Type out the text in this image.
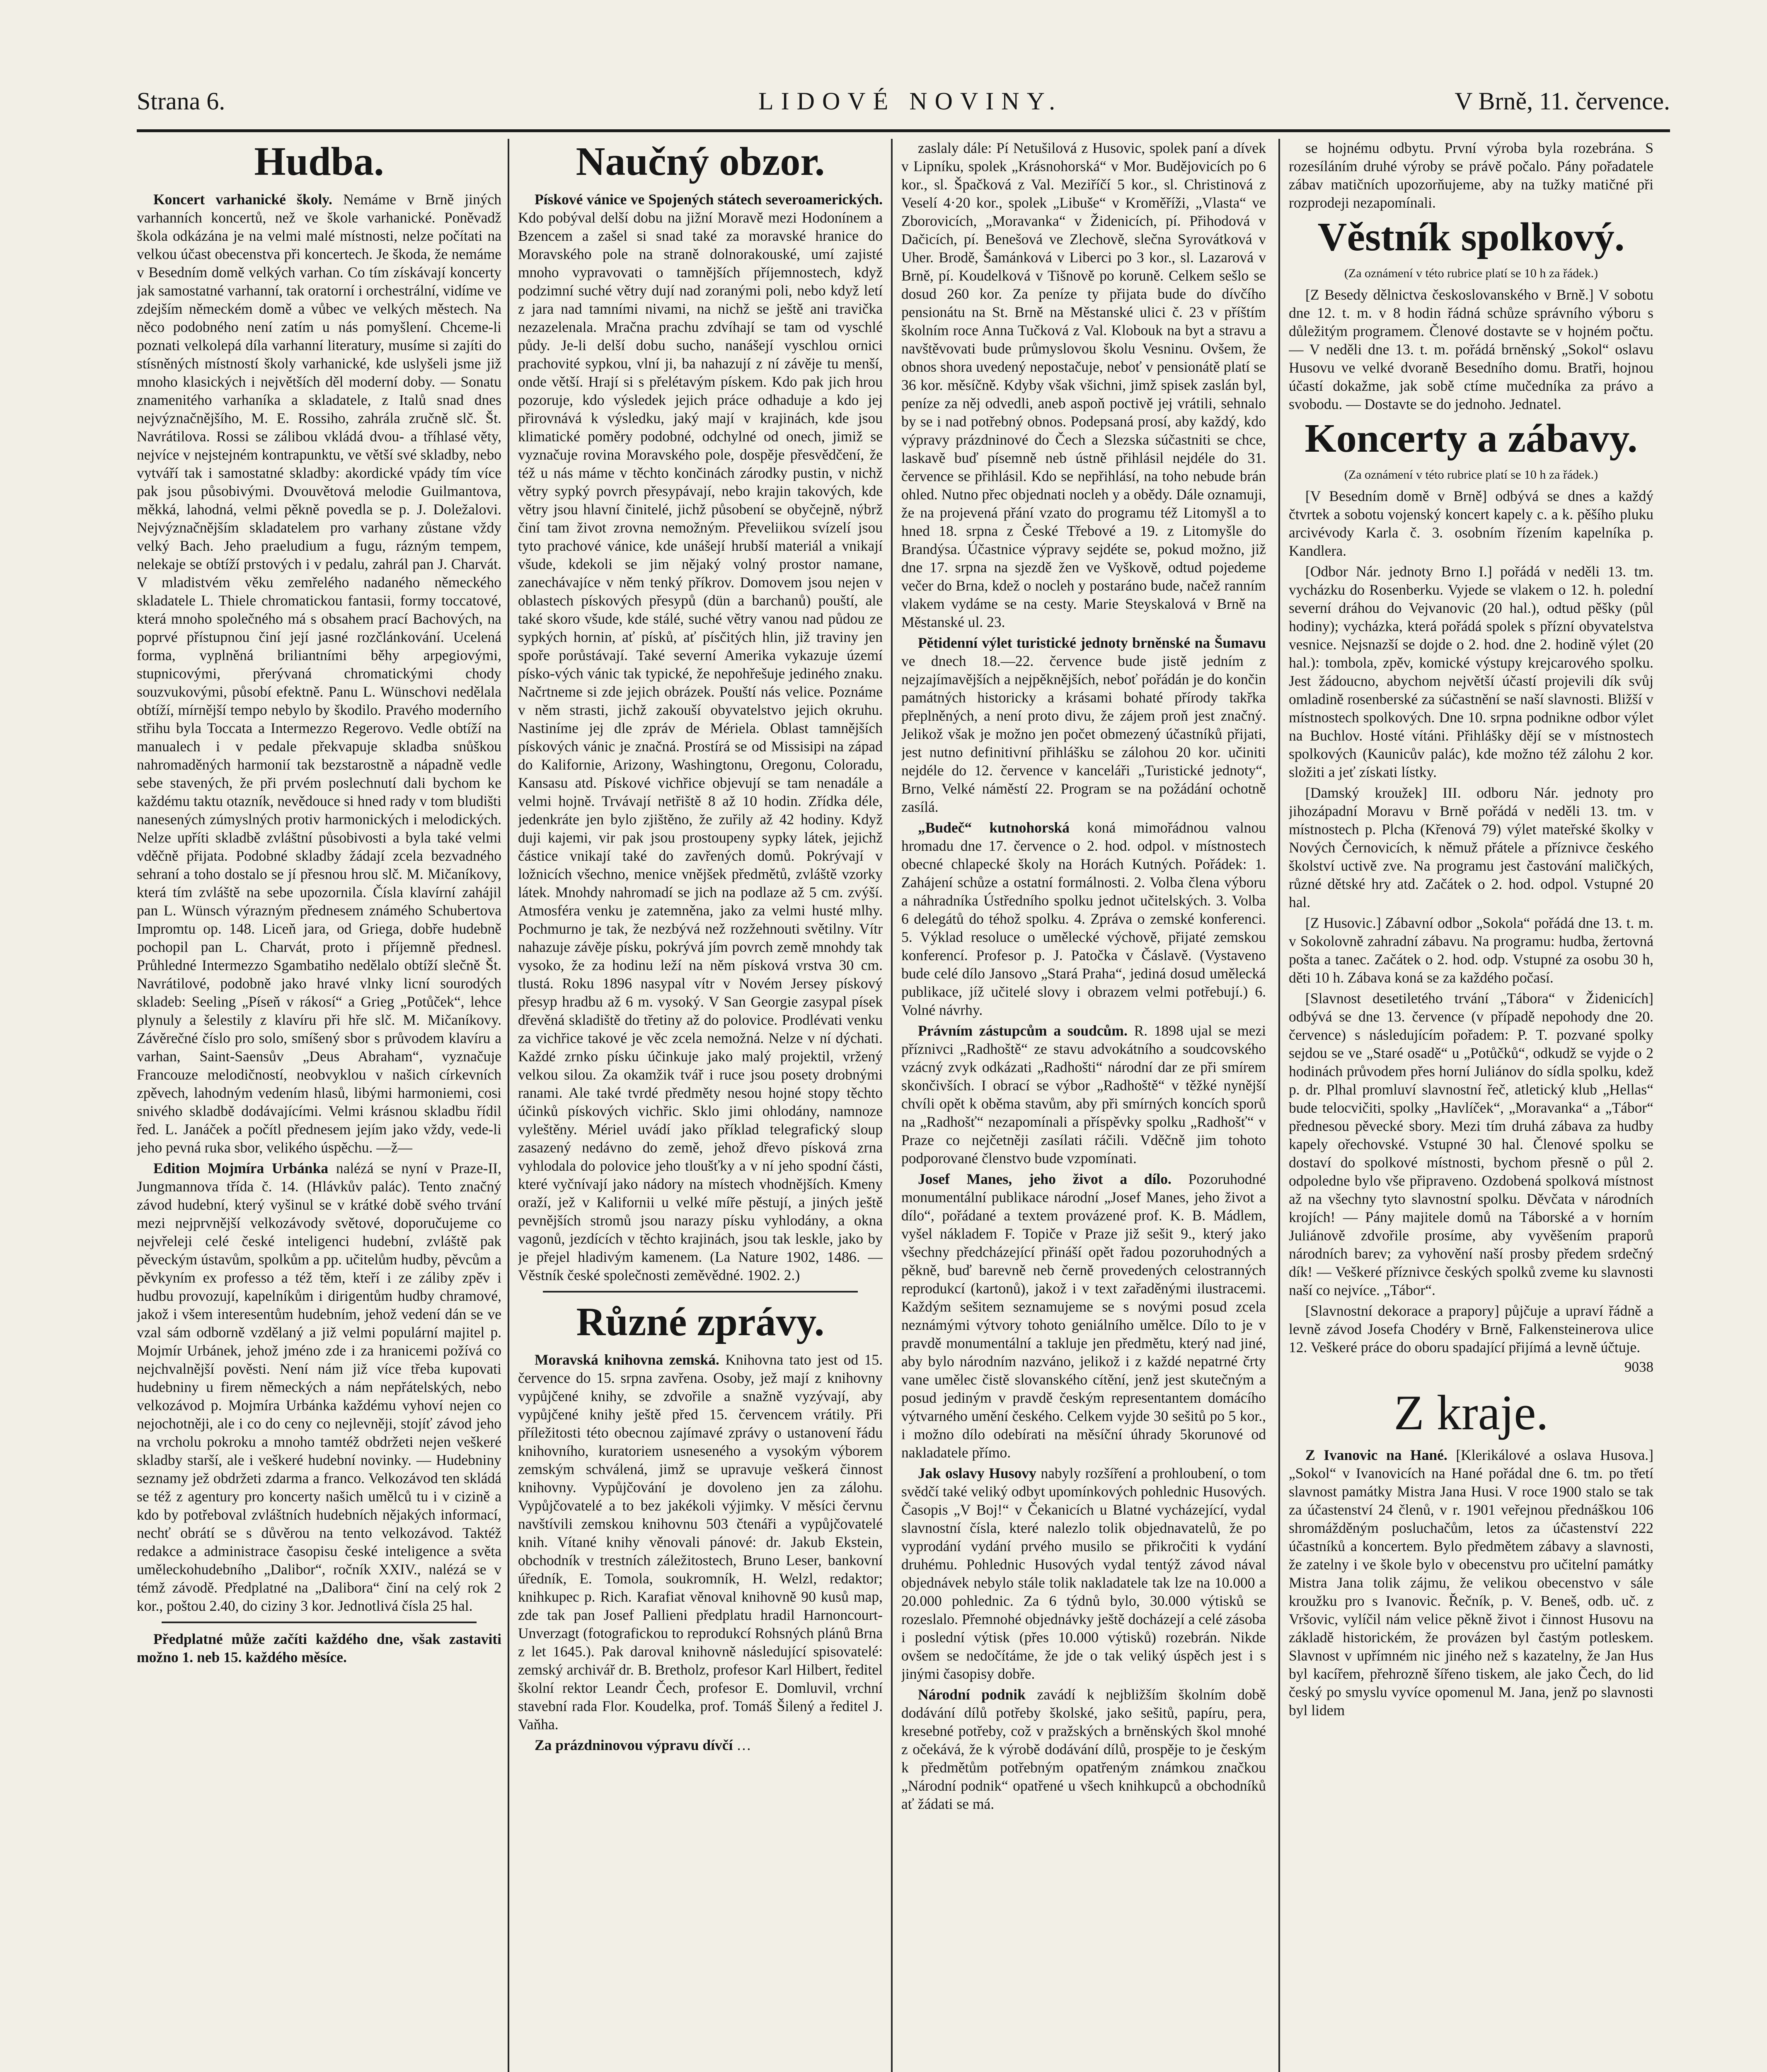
Strana 6.	LIDOVÉ NOVINY.	V Brně, 11. července.
Hudba.

Koncert varhanické školy. Nemáme v Brně jiných varhanních koncertů, než ve škole varhanické. Poněvadž škola odkázána je na velmi malé místnosti, nelze počítati na velkou účast obecenstva při koncertech. Je škoda, že nemáme v Besedním domě velkých varhan. Co tím získávají koncerty jak samostatné varhanní, tak oratorní i orchestrální, vidíme ve zdejším německém domě a vůbec ve velkých městech. Na něco podobného není zatím u nás pomyšlení. Chceme-li poznati velkolepá díla varhanní literatury, musíme si zajíti do stísněných místností školy varhanické, kde uslyšeli jsme již mnoho klasických i největších děl moderní doby. — Sonatu znamenitého varhaníka a skladatele, z Italů snad dnes nejvýznačnějšího, M. E. Rossiho, zahrála zručně slč. Št. Navrátilova. Rossi se zálibou vkládá dvou- a tříhlasé věty, nejvíce v nejstejném kontrapunktu, ve větší své skladby, nebo vytváří tak i samostatné skladby: akordické vpády tím více pak jsou působivými. Dvouvětová melodie Guilmantova, měkká, lahodná, velmi pěkně povedla se p. J. Doležalovi. Nejvýznačnějším skladatelem pro varhany zůstane vždy velký Bach. Jeho praeludium a fugu, rázným tempem, nelekaje se obtíží prstových i v pedalu, zahrál pan J. Charvát. V mladistvém věku zemřelého nadaného německého skladatele L. Thiele chromatickou fantasii, formy toccatové, která mnoho společného má s obsahem prací Bachových, na poprvé přístupnou činí její jasné rozčlánkování. Ucelená forma, vyplněná briliantními běhy arpegiovými, stupnicovými, přerývaná chromatickými chody souzvukovými, působí efektně. Panu L. Wünschovi nedělala obtíží, mírnější tempo nebylo by škodilo. Pravého moderního střihu byla Toccata a Intermezzo Regerovo. Vedle obtíží na manualech i v pedale překvapuje skladba snůškou nahromaděných harmonií tak bezstarostně a nápadně vedle sebe stavených, že při prvém poslechnutí dali bychom ke každému taktu otazník, nevědouce si hned rady v tom bludišti nanesených zúmyslných protiv harmonických i melodických. Nelze upříti skladbě zvláštní působivosti a byla také velmi vděčně přijata. Podobné skladby žádají zcela bezvadného sehraní a toho dostalo se jí přesnou hrou slč. M. Mičaníkovy, která tím zvláště na sebe upozornila. Čísla klavírní zahájil pan L. Wünsch výrazným přednesem známého Schubertova Impromtu op. 148. Liceň jara, od Griega, dobře hudebně pochopil pan L. Charvát, proto i příjemně přednesl. Průhledné Intermezzo Sgambatiho nedělalo obtíží slečně Št. Navrátilové, podobně jako hravé vlnky licní sourodých skladeb: Seeling „Píseň v rákosí“ a Grieg „Potůček“, lehce plynuly a šelestily z klavíru při hře slč. M. Mičaníkovy. Závěrečné číslo pro solo, smíšený sbor s průvodem klavíru a varhan, Saint-Saensův „Deus Abraham“, vyznačuje Francouze melodičností, neobvyklou v našich církevních zpěvech, lahodným vedením hlasů, libými harmoniemi, cosi snivého skladbě dodávajícími. Velmi krásnou skladbu řídil řed. L. Janáček a počítl přednesem jejím jako vždy, vede-li jeho pevná ruka sbor, velikého úspěchu. —ž—

Edition Mojmíra Urbánka nalézá se nyní v Praze-II, Jungmannova třída č. 14. (Hlávkův palác). Tento značný závod hudební, který vyšinul se v krátké době svého trvání mezi nejprvnější velkozávody světové, doporučujeme co nejvřeleji celé české inteligenci hudební, zvláště pak pěveckým ústavům, spolkům a pp. učitelům hudby, pěvcům a pěvkyním ex professo a též těm, kteří i ze záliby zpěv i hudbu provozují, kapelníkům i dirigentům hudby chramové, jakož i všem interesentům hudebním, jehož vedení dán se ve vzal sám odborně vzdělaný a již velmi populární majitel p. Mojmír Urbánek, jehož jméno zde i za hranicemi požívá co nejchvalnější pověsti. Není nám již více třeba kupovati hudebniny u firem německých a nám nepřátelských, nebo velkozávod p. Mojmíra Urbánka každému vyhoví nejen co nejochotněji, ale i co do ceny co nejlevněji, stojíť závod jeho na vrcholu pokroku a mnoho tamtéž obdržeti nejen veškeré skladby starší, ale i veškeré hudební novinky. — Hudebniny seznamy jež obdržeti zdarma a franco. Velkozávod ten skládá se též z agentury pro koncerty našich umělců tu i v cizině a kdo by potřeboval zvláštních hudebních nějakých informací, nechť obrátí se s důvěrou na tento velkozávod. Taktéž redakce a administrace časopisu české inteligence a světa uměleckohudebního „Dalibor“, ročník XXIV., nalézá se v témž závodě. Předplatné na „Dalibora“ činí na celý rok 2 kor., poštou 2.40, do ciziny 3 kor. Jednotlivá čísla 25 hal.

Předplatné může začíti každého dne, však zastaviti možno 1. neb 15. každého měsíce.

Naučný obzor.

Pískové vánice ve Spojených státech severoamerických. Kdo pobýval delší dobu na jižní Moravě mezi Hodonínem a Bzencem a zašel si snad také za moravské hranice do Moravského pole na straně dolnorakouské, umí zajisté mnoho vypravovati o tamnějších příjemnostech, když podzimní suché větry dují nad zoranými poli, nebo když letí z jara nad tamními nivami, na nichž se ještě ani travička nezazelenala. Mračna prachu zdvíhají se tam od vyschlé půdy. Je-li delší dobu sucho, nanášejí vyschlou ornici prachovité sypkou, vlní ji, ba nahazují z ní závěje tu menší, onde větší. Hrají si s přelétavým pískem. Kdo pak jich hrou pozoruje, kdo výsledek jejich práce odhaduje a kdo jej přirovnává k výsledku, jaký mají v krajinách, kde jsou klimatické poměry podobné, odchylné od onech, jimiž se vyznačuje rovina Moravského pole, dospěje přesvědčení, že též u nás máme v těchto končinách zárodky pustin, v nichž větry sypký povrch přesypávají, nebo krajin takových, kde větry jsou hlavní činitelé, jichž působení se obyčejně, nýbrž činí tam život zrovna nemožným. Převeliikou svízelí jsou tyto prachové vánice, kde unášejí hrubší materiál a vnikají všude, kdekoli se jim nějaký volný prostor namane, zanechávajíce v něm tenký příkrov. Domovem jsou nejen v oblastech pískových přesypů (dün a barchanů) pouští, ale také skoro všude, kde stálé, suché větry vanou nad půdou ze sypkých hornin, ať písků, ať písčitých hlin, již traviny jen spoře porůstávají. Také severní Amerika vykazuje území písko-vých vánic tak typické, že nepohřešuje jediného znaku. Načrtneme si zde jejich obrázek. Pouští nás velice. Poznáme v něm strasti, jichž zakouší obyvatelstvo jejich okruhu. Nastiníme jej dle zpráv de Mériela. Oblast tamnějších pískových vánic je značná. Prostírá se od Missisipi na západ do Kalifornie, Arizony, Washingtonu, Oregonu, Coloradu, Kansasu atd. Pískové vichřice objevují se tam nenadále a velmi hojně. Trvávají netřiště 8 až 10 hodin. Zřídka déle, jedenkráte jen bylo zjištěno, že zuřily až 42 hodiny. Když duji kajemi, vir pak jsou prostoupeny sypky látek, jejichž částice vnikají také do zavřených domů. Pokrývají v ložnicích všechno, menice vnějšek předmětů, zvláště vzorky látek. Mnohdy nahromadí se jich na podlaze až 5 cm. zvýší. Atmosféra venku je zatemněna, jako za velmi husté mlhy. Pochmurno je tak, že nezbývá než rozžehnouti světilny. Vítr nahazuje závěje písku, pokrývá jím povrch země mnohdy tak vysoko, že za hodinu leží na něm písková vrstva 30 cm. tlustá. Roku 1896 nasypal vítr v Novém Jersey pískový přesyp hradbu až 6 m. vysoký. V San Georgie zasypal písek dřevěná skladiště do třetiny až do polovice. Prodlévati venku za vichřice takové je věc zcela nemožná. Nelze v ní dýchati. Každé zrnko písku účinkuje jako malý projektil, vržený velkou silou. Za okamžik tvář i ruce jsou posety drobnými ranami. Ale také tvrdé předměty nesou hojné stopy těchto účinků pískových vichřic. Sklo jimi ohlodány, namnoze vyleštěny. Mériel uvádí jako příklad telegrafický sloup zasazený nedávno do země, jehož dřevo písková zrna vyhlodala do polovice jeho tloušťky a v ní jeho spodní části, které vyčnívají jako nádory na místech vhodnějších. Kmeny oraží, jež v Kalifornii u velké míře pěstují, a jiných ještě pevnějších stromů jsou narazy písku vyhlodány, a okna vagonů, jezdících v těchto krajinách, jsou tak leskle, jako by je přejel hladivým kamenem. (La Nature 1902, 1486. — Věstník české společnosti zeměvědné. 1902. 2.)

Různé zprávy.

Moravská knihovna zemská. Knihovna tato jest od 15. července do 15. srpna zavřena. Osoby, jež mají z knihovny vypůjčené knihy, se zdvořile a snažně vyzývají, aby vypůjčené knihy ještě před 15. červencem vrátily. Při příležitosti této obecnou zajímavé zprávy o ustanovení řádu knihovního, kuratoriem usneseného a vysokým výborem zemským schválená, jimž se upravuje veškerá činnost knihovny. Vypůjčování je dovoleno jen za zálohu. Vypůjčovatelé a to bez jakékoli výjimky. V měsíci červnu navštívili zemskou knihovnu 503 čtenáři a vypůjčovatelé knih. Vítané knihy věnovali pánové: dr. Jakub Ekstein, obchodník v trestních záležitostech, Bruno Leser, bankovní úředník, E. Tomola, soukromník, H. Welzl, redaktor; knihkupec p. Rich. Karafiat věnoval knihovně 90 kusů map, zde tak pan Josef Pallieni předplatu hradil Harnoncourt-Unverzagt (fotografickou to reprodukcí Rohsných plánů Brna z let 1645.). Pak daroval knihovně následující spisovatelé: zemský archivář dr. B. Bretholz, profesor Karl Hilbert, ředitel školní rektor Leandr Čech, profesor E. Domluvil, vrchní stavební rada Flor. Koudelka, prof. Tomáš Šilený a ředitel J. Vaňha.

Za prázdninovou výpravu dívčí …

zaslaly dále: Pí Netušilová z Husovic, spolek paní a dívek v Lipníku, spolek „Krásnohorská“ v Mor. Budějovicích po 6 kor., sl. Špačková z Val. Meziříčí 5 kor., sl. Christinová z Veselí 4·20 kor., spolek „Libuše“ v Kroměříži, „Vlasta“ ve Zborovicích, „Moravanka“ v Židenicích, pí. Přihodová v Dačicích, pí. Benešová ve Zlechově, slečna Syrovátková v Uher. Brodě, Šamánková v Liberci po 3 kor., sl. Lazarová v Brně, pí. Koudelková v Tišnově po koruně. Celkem sešlo se dosud 260 kor. Za peníze ty přijata bude do dívčího pensionátu na St. Brně na Městanské ulici č. 23 v příštím školním roce Anna Tučková z Val. Klobouk na byt a stravu a navštěvovati bude průmyslovou školu Vesninu. Ovšem, že obnos shora uvedený nepostačuje, neboť v pensionátě platí se 36 kor. měsíčně. Kdyby však všichni, jimž spisek zaslán byl, peníze za něj odvedli, aneb aspoň poctivě jej vrátili, sehnalo by se i nad potřebný obnos. Podepsaná prosí, aby každý, kdo výpravy prázdninové do Čech a Slezska súčastniti se chce, laskavě buď písemně neb ústně přihlásil nejdéle do 31. července se přihlásil. Kdo se nepřihlásí, na toho nebude brán ohled. Nutno přec objednati nocleh y a obědy. Dále oznamuji, že na projevená přání vzato do programu též Litomyšl a to hned 18. srpna z České Třebové a 19. z Litomyšle do Brandýsa. Účastnice výpravy sejdéte se, pokud možno, již dne 17. srpna na sjezdě žen ve Vyškově, odtud pojedeme večer do Brna, kdež o nocleh y postaráno bude, načež ranním vlakem vydáme se na cesty. Marie Steyskalová v Brně na Městanské ul. 23.

Pětidenní výlet turistické jednoty brněnské na Šumavu ve dnech 18.—22. července bude jistě jedním z nejzajímavějších a nejpěknějších, neboť pořádán je do končin památných historicky a krásami bohaté přírody takřka přeplněných, a není proto divu, že zájem proň jest značný. Jelikož však je možno jen počet obmezený účastníků přijati, jest nutno definitivní přihlášku se zálohou 20 kor. učiniti nejdéle do 12. července v kanceláři „Turistické jednoty“, Brno, Velké náměstí 22. Program se na požádání ochotně zasílá.

„Budeč“ kutnohorská koná mimořádnou valnou hromadu dne 17. července o 2. hod. odpol. v místnostech obecné chlapecké školy na Horách Kutných. Pořádek: 1. Zahájení schůze a ostatní formálnosti. 2. Volba člena výboru a náhradníka Ústředního spolku jednot učitelských. 3. Volba 6 delegátů do téhož spolku. 4. Zpráva o zemské konferenci. 5. Výklad resoluce o umělecké výchově, přijaté zemskou konferencí. Profesor p. J. Patočka v Čáslavě. (Vystaveno bude celé dílo Jansovo „Stará Praha“, jediná dosud umělecká publikace, jíž učitelé slovy i obrazem velmi potřebují.) 6. Volné návrhy.

Právním zástupcům a soudcům. R. 1898 ujal se mezi příznivci „Radhoště“ ze stavu advokátního a soudcovského vzácný zvyk odkázati „Radhošti“ národní dar ze při smírem skončivších. I obrací se výbor „Radhoště“ v těžké nynější chvíli opět k oběma stavům, aby při smírných koncích sporů na „Radhošť“ nezapomínali a příspěvky spolku „Radhošť“ v Praze co nejčetněji zasílati ráčili. Vděčně jim tohoto podporované členstvo bude vzpomínati.

Josef Manes, jeho život a dílo. Pozoruhodné monumentální publikace národní „Josef Manes, jeho život a dílo“, pořádané a textem provázené prof. K. B. Mádlem, vyšel nákladem F. Topiče v Praze již sešit 9., který jako všechny předcházející přináší opět řadou pozoruhodných a pěkně, buď barevně neb černě provedených celostranných reprodukcí (kartonů), jakož i v text zařaděnými ilustracemi. Každým sešitem seznamujeme se s novými posud zcela neznámými výtvory tohoto geniálního umělce. Dílo to je v pravdě monumentální a takluje jen předmětu, který nad jiné, aby bylo národním nazváno, jelikož i z každé nepatrné črty vane umělec čistě slovanského cítění, jenž jest skutečným a posud jediným v pravdě českým representantem domácího výtvarného umění českého. Celkem vyjde 30 sešitů po 5 kor., i možno dílo odebírati na měsíční úhrady 5korunové od nakladatele přímo.

Jak oslavy Husovy nabyly rozšíření a prohloubení, o tom svědčí také veliký odbyt upomínkových pohlednic Husových. Časopis „V Boj!“ v Čekanicích u Blatné vycházející, vydal slavnostní čísla, které nalezlo tolik objednavatelů, že po vyprodání vydání prvého musilo se přikročiti k vydání druhému. Pohlednic Husových vydal tentýž závod nával objednávek nebylo stále tolik nakladatele tak lze na 10.000 a 20.000 pohlednic. Za 6 týdnů bylo, 30.000 výtisků se rozeslalo. Přemnohé objednávky ještě docházejí a celé zásoba i poslední výtisk (přes 10.000 výtisků) rozebrán. Nikde ovšem se nedočítáme, že jde o tak veliký úspěch jest i s jinými časopisy dobře.

Národní podnik zavádí k nejbližším školním době dodávání dílů potřeby školské, jako sešitů, papíru, pera, kresebné potřeby, což v pražských a brněnských škol mnohé z očekává, že k výrobě dodávání dílů, prospěje to je českým k předmětům potřebným opatřeným známkou značkou „Národní podnik“ opatřené u všech knihkupců a obchodníků ať žádati se má.

se hojnému odbytu. První výroba byla rozebrána. S rozesíláním druhé výroby se právě počalo. Pány pořadatele zábav matičních upozorňujeme, aby na tužky matičné při rozprodeji nezapomínali.

Věstník spolkový.
(Za oznámení v této rubrice platí se 10 h za řádek.)

[Z Besedy dělnictva českoslovanského v Brně.] V sobotu dne 12. t. m. v 8 hodin řádná schůze správního výboru s důležitým programem. Členové dostavte se v hojném počtu. — V neděli dne 13. t. m. pořádá brněnský „Sokol“ oslavu Husovu ve velké dvoraně Besedního domu. Bratři, hojnou účastí dokažme, jak sobě ctíme mučedníka za právo a svobodu. — Dostavte se do jednoho. Jednatel.

Koncerty a zábavy.
(Za oznámení v této rubrice platí se 10 h za řádek.)

[V Besedním domě v Brně] odbývá se dnes a každý čtvrtek a sobotu vojenský koncert kapely c. a k. pěšího pluku arcivévody Karla č. 3. osobním řízením kapelníka p. Kandlera.

[Odbor Nár. jednoty Brno I.] pořádá v neděli 13. tm. vycházku do Rosenberku. Vyjede se vlakem o 12. h. polední severní dráhou do Vejvanovic (20 hal.), odtud pěšky (půl hodiny); vycházka, která pořádá spolek s přízní obyvatelstva vesnice. Nejsnazší se dojde o 2. hod. dne 2. hodině výlet (20 hal.): tombola, zpěv, komické výstupy krejcarového spolku. Jest žádoucno, abychom největší účastí projevili dík svůj omladině rosenberské za súčastnění se naší slavnosti. Bližší v místnostech spolkových. Dne 10. srpna podnikne odbor výlet na Buchlov. Hosté vítáni. Přihlášky dějí se v místnostech spolkových (Kaunicův palác), kde možno též zálohu 2 kor. složiti a jeť získati lístky.

[Damský kroužek] III. odboru Nár. jednoty pro jihozápadní Moravu v Brně pořádá v neděli 13. tm. v místnostech p. Plcha (Křenová 79) výlet mateřské školky v Nových Černovicích, k němuž přátele a příznivce českého školství uctivě zve. Na programu jest častování maličkých, různé dětské hry atd. Začátek o 2. hod. odpol. Vstupné 20 hal.

[Z Husovic.] Zábavní odbor „Sokola“ pořádá dne 13. t. m. v Sokolovně zahradní zábavu. Na programu: hudba, žertovná pošta a tanec. Začátek o 2. hod. odp. Vstupné za osobu 30 h, děti 10 h. Zábava koná se za každého počasí.

[Slavnost desetiletého trvání „Tábora“ v Židenicích] odbývá se dne 13. července (v případě nepohody dne 20. července) s následujícím pořadem: P. T. pozvané spolky sejdou se ve „Staré osadě“ u „Potůčků“, odkudž se vyjde o 2 hodinách průvodem přes horní Juliánov do sídla spolku, kdež p. dr. Plhal promluví slavnostní řeč, atletický klub „Hellas“ bude telocvičiti, spolky „Havlíček“, „Moravanka“ a „Tábor“ přednesou pěvecké sbory. Mezi tím druhá zábava za hudby kapely ořechovské. Vstupné 30 hal. Členové spolku se dostaví do spolkové místnosti, bychom přesně o půl 2. odpoledne bylo vše připraveno. Ozdobená spolková místnost až na všechny tyto slavnostní spolku. Děvčata v národních krojích! — Pány majitele domů na Táborské a v horním Juliánově zdvořile prosíme, aby vyvěšením praporů národních barev; za vyhovění naší prosby předem srdečný dík! — Veškeré příznivce českých spolků zveme ku slavnosti naší co nejvíce. „Tábor“.

[Slavnostní dekorace a prapory] půjčuje a upraví řádně a levně závod Josefa Chodéry v Brně, Falkensteinerova ulice 12. Veškeré práce do oboru spadající přijímá a levně účtuje.

9038
Z kraje.

Z Ivanovic na Hané. [Klerikálové a oslava Husova.] „Sokol“ v Ivanovicích na Hané pořádal dne 6. tm. po třetí slavnost památky Mistra Jana Husi. V roce 1900 stalo se tak za účastenství 24 členů, v r. 1901 veřejnou přednáškou 106 shromážděným posluchačům, letos za účastenství 222 účastníků a koncertem. Bylo předmětem zábavy a slavnosti, že zatelny i ve škole bylo v obecenstvu pro učitelní památky Mistra Jana tolik zájmu, že velikou obecenstvo v sále kroužku pro s Ivanovic. Řečník, p. V. Beneš, odb. uč. z Vršovic, vylíčil nám velice pěkně život i činnost Husovu na základě historickém, že provázen byl častým potleskem. Slavnost v upřímném nic jiného než s kazatelny, že Jan Hus byl kacířem, přehrozně šířeno tiskem, ale jako Čech, do lid český po smyslu vyvíce opomenul M. Jana, jenž po slavnosti byl lidem
